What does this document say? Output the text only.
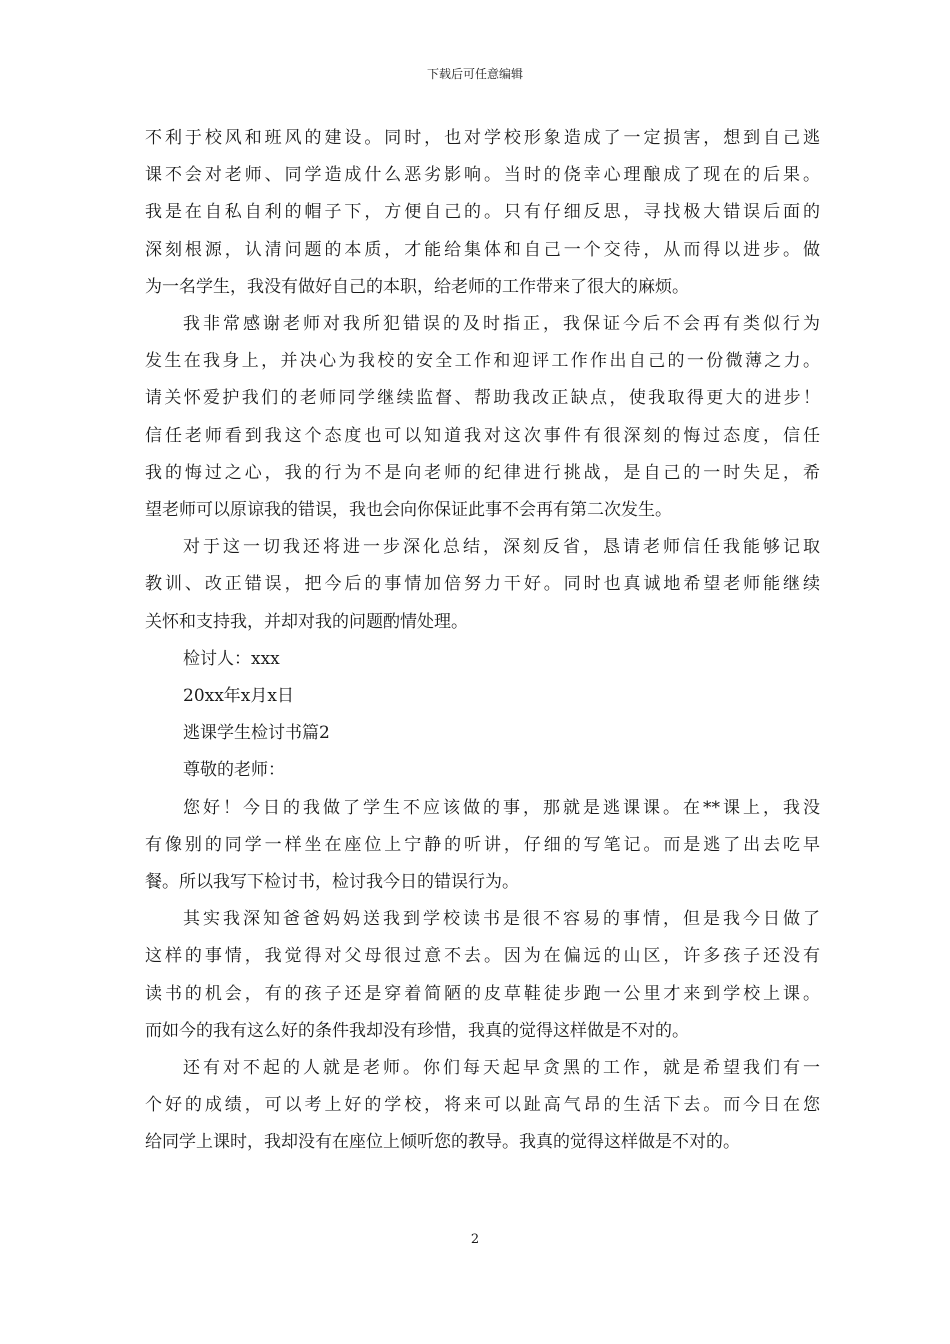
下载后可任意编辑

不利于校风和班风的建设。同时，也对学校形象造成了一定损害，想到自己逃
课不会对老师、同学造成什么恶劣影响。当时的侥幸心理酿成了现在的后果。
我是在自私自利的帽子下，方便自己的。只有仔细反思，寻找极大错误后面的
深刻根源，认清问题的本质，才能给集体和自己一个交待，从而得以进步。做
为一名学生，我没有做好自己的本职，给老师的工作带来了很大的麻烦。

我非常感谢老师对我所犯错误的及时指正，我保证今后不会再有类似行为
发生在我身上，并决心为我校的安全工作和迎评工作作出自己的一份微薄之力。
请关怀爱护我们的老师同学继续监督、帮助我改正缺点，使我取得更大的进步！
信任老师看到我这个态度也可以知道我对这次事件有很深刻的悔过态度，信任
我的悔过之心，我的行为不是向老师的纪律进行挑战，是自己的一时失足，希
望老师可以原谅我的错误，我也会向你保证此事不会再有第二次发生。

对于这一切我还将进一步深化总结，深刻反省，恳请老师信任我能够记取
教训、改正错误，把今后的事情加倍努力干好。同时也真诚地希望老师能继续
关怀和支持我，并却对我的问题酌情处理。

检讨人：xxx

20xx年x月x日

逃课学生检讨书篇2

尊敬的老师：

您好！今日的我做了学生不应该做的事，那就是逃课课。在**课上，我没
有像别的同学一样坐在座位上宁静的听讲，仔细的写笔记。而是逃了出去吃早
餐。所以我写下检讨书，检讨我今日的错误行为。

其实我深知爸爸妈妈送我到学校读书是很不容易的事情，但是我今日做了
这样的事情，我觉得对父母很过意不去。因为在偏远的山区，许多孩子还没有
读书的机会，有的孩子还是穿着简陋的皮草鞋徒步跑一公里才来到学校上课。
而如今的我有这么好的条件我却没有珍惜，我真的觉得这样做是不对的。

还有对不起的人就是老师。你们每天起早贪黑的工作，就是希望我们有一
个好的成绩，可以考上好的学校，将来可以趾高气昂的生活下去。而今日在您
给同学上课时，我却没有在座位上倾听您的教导。我真的觉得这样做是不对的。

2
